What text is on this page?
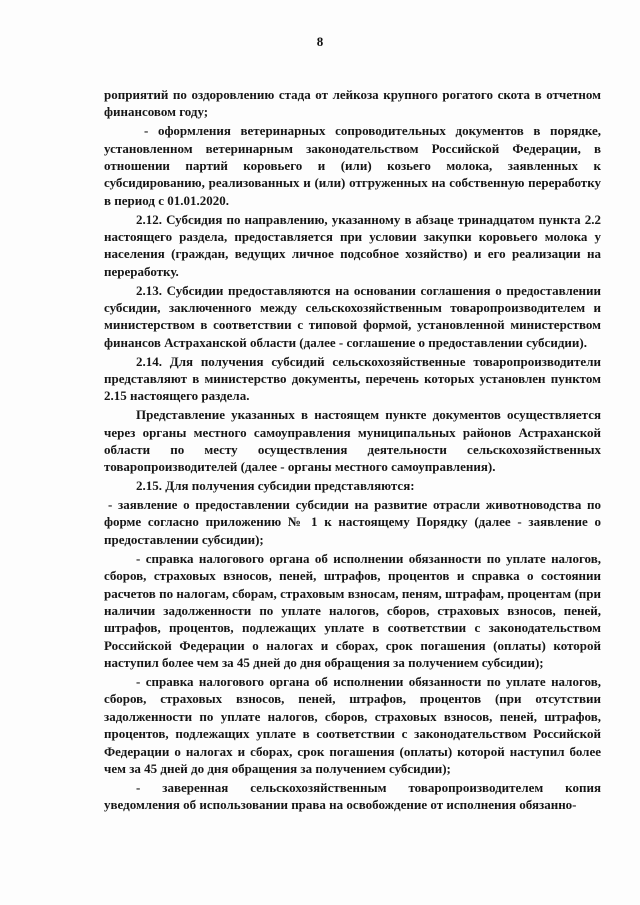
8

роприятий по оздоровлению стада от лейкоза крупного рогатого скота в отчетном финансовом году;

- оформления ветеринарных сопроводительных документов в порядке, установленном ветеринарным законодательством Российской Федерации, в отношении партий коровьего и (или) козьего молока, заявленных к субсидированию, реализованных и (или) отгруженных на собственную переработку в период с 01.01.2020.

2.12. Субсидия по направлению, указанному в абзаце тринадцатом пункта 2.2 настоящего раздела, предоставляется при условии закупки коровьего молока у населения (граждан, ведущих личное подсобное хозяйство) и его реализации на переработку.

2.13. Субсидии предоставляются на основании соглашения о предоставлении субсидии, заключенного между сельскохозяйственным товаропроизводителем и министерством в соответствии с типовой формой, установленной министерством финансов Астраханской области (далее - соглашение о предоставлении субсидии).

2.14. Для получения субсидий сельскохозяйственные товаропроизводители представляют в министерство документы, перечень которых установлен пунктом 2.15 настоящего раздела.

Представление указанных в настоящем пункте документов осуществляется через органы местного самоуправления муниципальных районов Астраханской области по месту осуществления деятельности сельскохозяйственных товаропроизводителей (далее - органы местного самоуправления).

2.15. Для получения субсидии представляются:

- заявление о предоставлении субсидии на развитие отрасли животноводства по форме согласно приложению № 1 к настоящему Порядку (далее - заявление о предоставлении субсидии);

- справка налогового органа об исполнении обязанности по уплате налогов, сборов, страховых взносов, пеней, штрафов, процентов и справка о состоянии расчетов по налогам, сборам, страховым взносам, пеням, штрафам, процентам (при наличии задолженности по уплате налогов, сборов, страховых взносов, пеней, штрафов, процентов, подлежащих уплате в соответствии с законодательством Российской Федерации о налогах и сборах, срок погашения (оплаты) которой наступил более чем за 45 дней до дня обращения за получением субсидии);

- справка налогового органа об исполнении обязанности по уплате налогов, сборов, страховых взносов, пеней, штрафов, процентов (при отсутствии задолженности по уплате налогов, сборов, страховых взносов, пеней, штрафов, процентов, подлежащих уплате в соответствии с законодательством Российской Федерации о налогах и сборах, срок погашения (оплаты) которой наступил более чем за 45 дней до дня обращения за получением субсидии);

- заверенная сельскохозяйственным товаропроизводителем копия уведомления об использовании права на освобождение от исполнения обязанно-
